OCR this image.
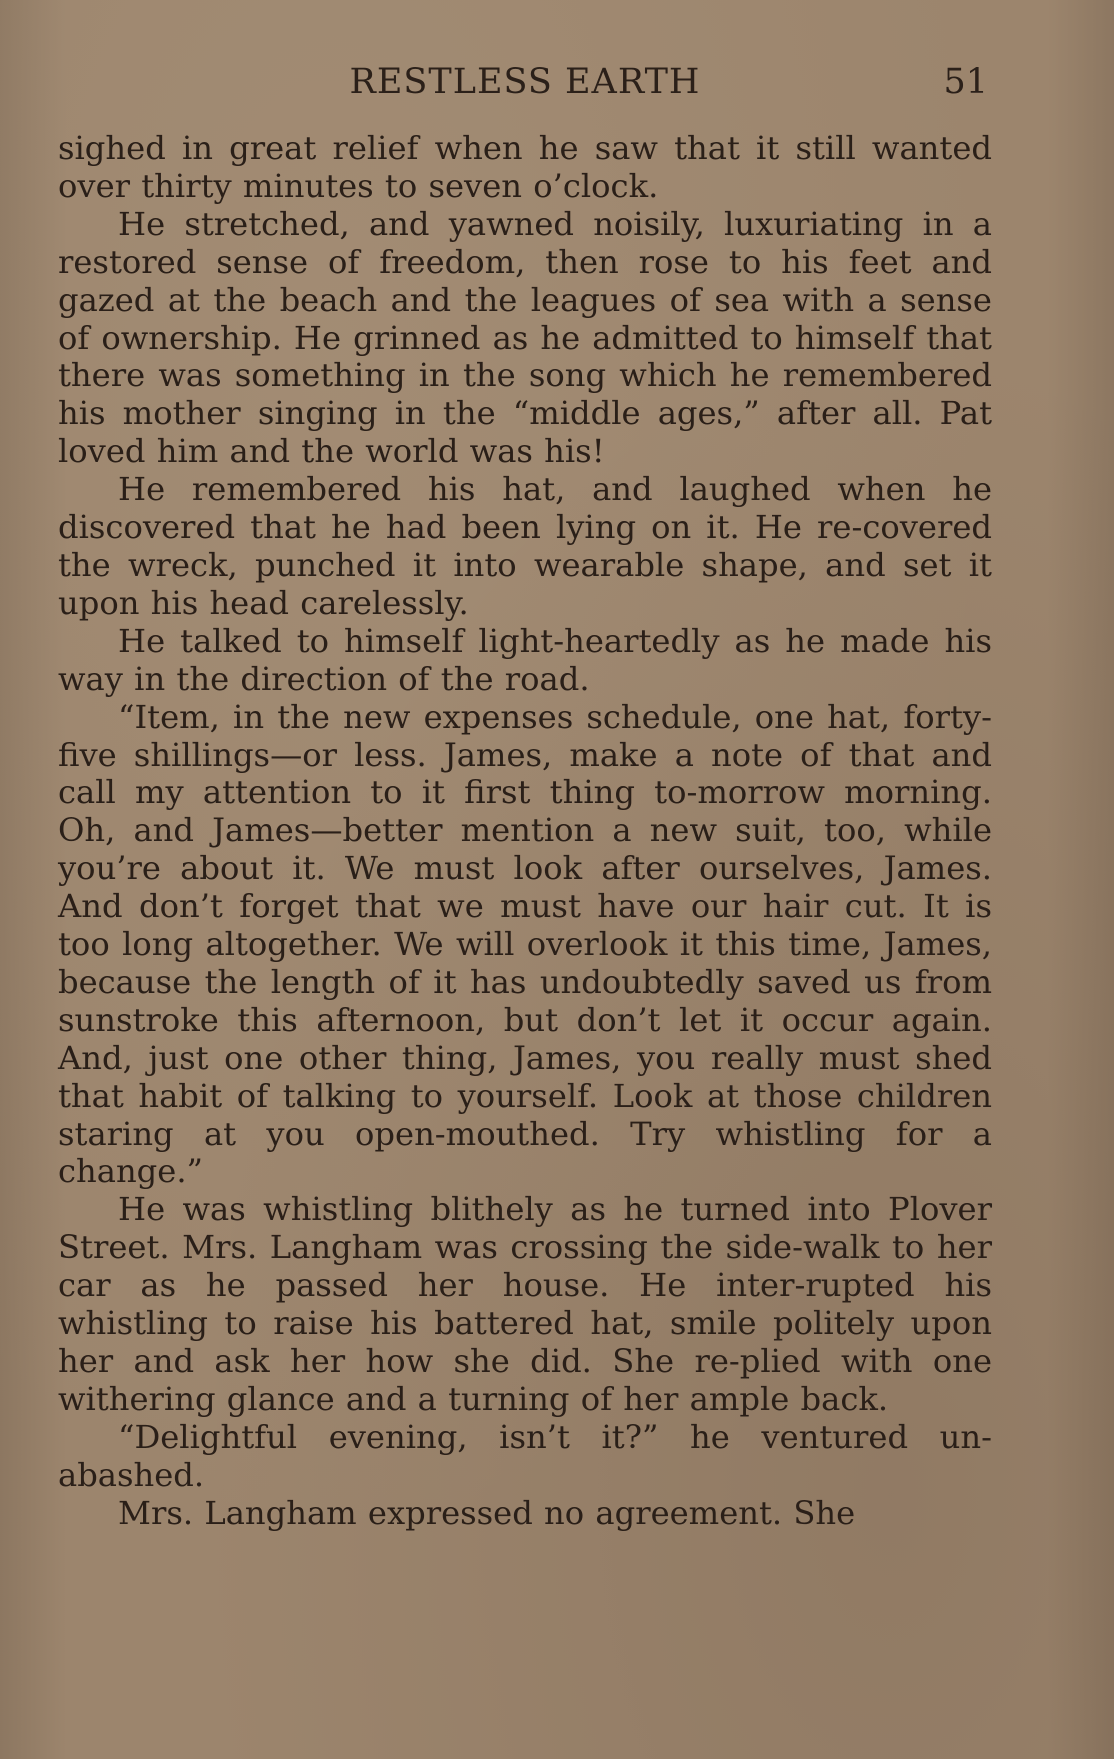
RESTLESS EARTH	51

sighed in great relief when he saw that it still wanted over thirty minutes to seven o’clock.

He stretched, and yawned noisily, luxuriating in a restored sense of freedom, then rose to his feet and gazed at the beach and the leagues of sea with a sense of ownership. He grinned as he admitted to himself that there was something in the song which he remembered his mother singing in the “middle ages,” after all. Pat loved him and the world was his!

He remembered his hat, and laughed when he discovered that he had been lying on it. He re-covered the wreck, punched it into wearable shape, and set it upon his head carelessly.

He talked to himself light-heartedly as he made his way in the direction of the road.

“Item, in the new expenses schedule, one hat, forty-five shillings—or less. James, make a note of that and call my attention to it first thing to-morrow morning. Oh, and James—better mention a new suit, too, while you’re about it. We must look after ourselves, James. And don’t forget that we must have our hair cut. It is too long altogether. We will overlook it this time, James, because the length of it has undoubtedly saved us from sunstroke this afternoon, but don’t let it occur again. And, just one other thing, James, you really must shed that habit of talking to yourself. Look at those children staring at you open-mouthed. Try whistling for a change.”

He was whistling blithely as he turned into Plover Street. Mrs. Langham was crossing the side-walk to her car as he passed her house. He inter-rupted his whistling to raise his battered hat, smile politely upon her and ask her how she did. She re-plied with one withering glance and a turning of her ample back.

“Delightful evening, isn’t it?” he ventured un-abashed.

Mrs. Langham expressed no agreement. She
